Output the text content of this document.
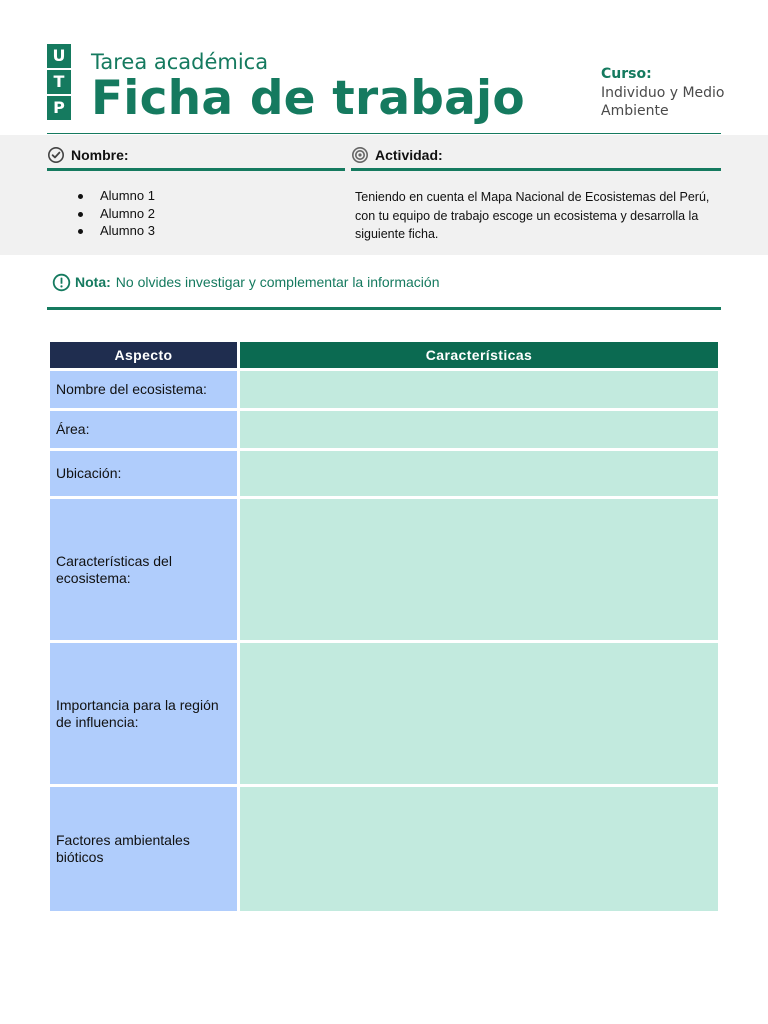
U
T
P
Tarea académica
Ficha de trabajo	Curso:
Individuo y Medio Ambiente
Nombre:	Actividad:
Alumno 1
Alumno 2
Alumno 3

Teniendo en cuenta el Mapa Nacional de Ecosistemas del Perú, con tu equipo de trabajo escoge un ecosistema y desarrolla la siguiente ficha.

Nota: No olvides investigar y complementar la información
Aspecto	Características
Nombre del ecosistema:	
Área:	
Ubicación:	
Características del ecosistema:	
Importancia para la región de influencia:	
Factores ambientales bióticos	
